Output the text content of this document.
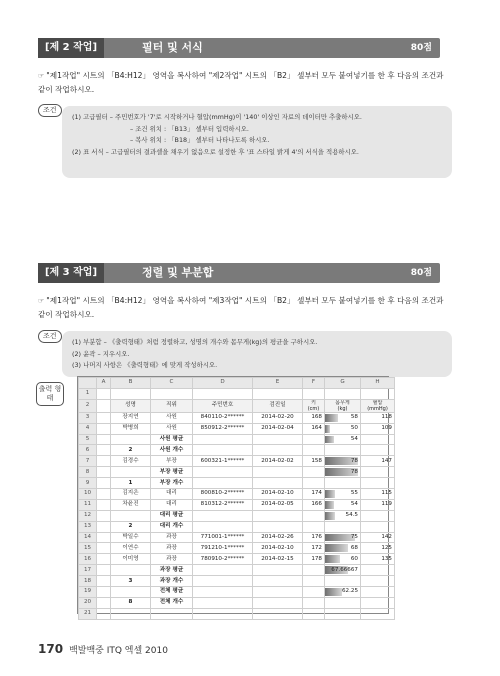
[제 2 작업]	필터 및 서식	80점
☞ "제1작업" 시트의 「B4:H12」 영역을 복사하여 "제2작업" 시트의 「B2」 셀부터 모두 붙여넣기를 한 후 다음의 조건과 같이 작업하시오.
조건
(1) 고급필터 – 주민번호가 '7'로 시작하거나 혈압(mmHg)이 '140' 이상인 자료의 데이터만 추출하시오.
– 조건 위치 : 「B13」 셀부터 입력하시오.
– 복사 위치 : 「B18」 셀부터 나타나도록 하시오.
(2) 표 서식 – 고급필터의 결과셀을 채우기 없음으로 설정한 후 '표 스타일 밝게 4'의 서식을 적용하시오.
[제 3 작업]	정렬 및 부분합	80점
☞ "제1작업" 시트의 「B4:H12」 영역을 복사하여 "제3작업" 시트의 「B2」 셀부터 모두 붙여넣기를 한 후 다음의 조건과 같이 작업하시오.
조건
(1) 부분합 – 《출력형태》처럼 정렬하고, 성명의 개수와 몸무게(kg)의 평균을 구하시오.
(2) 윤곽 – 지우시오.
(3) 나머지 사항은 《출력형태》에 맞게 작성하시오.
출력 형태
	A	B	C	D	E	F	G	H	
1									
2		성명	직위	주민번호	검진일	키
(cm)	몸무게
(kg)	혈압
(mmHg)	
3		장지연	사원	840110-2******	2014-02-20	168	58	118	
4		박병희	사원	850912-2******	2014-02-04	164	50	109	
5			사원 평균				54		
6		2	사원 개수						
7		김경수	부장	600321-1******	2014-02-02	158	78	147	
8			부장 평균				78		
9		1	부장 개수						
10		김지은	대리	800810-2******	2014-02-10	174	55	115	
11		차윤진	대리	810312-2******	2014-02-05	166	54	119	
12			대리 평균				54.5		
13		2	대리 개수						
14		박일수	과장	771001-1******	2014-02-26	176	75	142	
15		이연수	과장	791210-1******	2014-02-10	172	68	125	
16		이미영	과장	780910-2******	2014-02-15	178	60	135	
17			과장 평균				67.66667		
18		3	과장 개수						
19			전체 평균				62.25		
20		8	전체 개수						
21									
170 백발백중 ITQ 엑셀 2010
